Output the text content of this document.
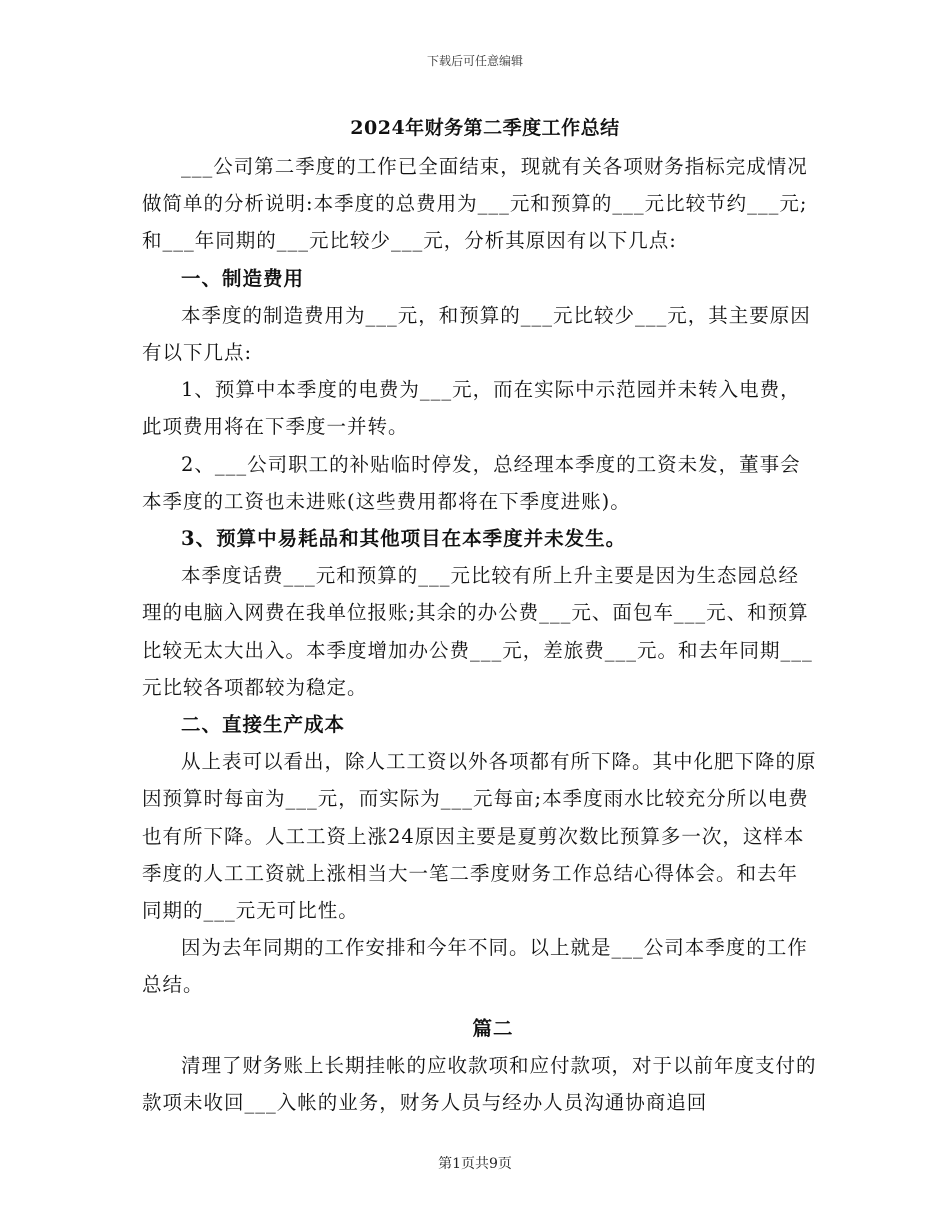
下载后可任意编辑
2024年财务第二季度工作总结

___公司第二季度的工作已全面结束，现就有关各项财务指标完成情况做简单的分析说明:本季度的总费用为___元和预算的___元比较节约___元;和___年同期的___元比较少___元，分析其原因有以下几点:

一、制造费用

本季度的制造费用为___元，和预算的___元比较少___元，其主要原因有以下几点:

1、预算中本季度的电费为___元，而在实际中示范园并未转入电费，此项费用将在下季度一并转。

2、___公司职工的补贴临时停发，总经理本季度的工资未发，董事会本季度的工资也未进账(这些费用都将在下季度进账)。

3、预算中易耗品和其他项目在本季度并未发生。

本季度话费___元和预算的___元比较有所上升主要是因为生态园总经理的电脑入网费在我单位报账;其余的办公费___元、面包车___元、和预算比较无太大出入。本季度增加办公费___元，差旅费___元。和去年同期___元比较各项都较为稳定。

二、直接生产成本

从上表可以看出，除人工工资以外各项都有所下降。其中化肥下降的原因预算时每亩为___元，而实际为___元每亩;本季度雨水比较充分所以电费也有所下降。人工工资上涨24原因主要是夏剪次数比预算多一次，这样本季度的人工工资就上涨相当大一笔二季度财务工作总结心得体会。和去年同期的___元无可比性。

因为去年同期的工作安排和今年不同。以上就是___公司本季度的工作总结。

篇二

清理了财务账上长期挂帐的应收款项和应付款项，对于以前年度支付的款项未收回___入帐的业务，财务人员与经办人员沟通协商追回

第1页共9页
